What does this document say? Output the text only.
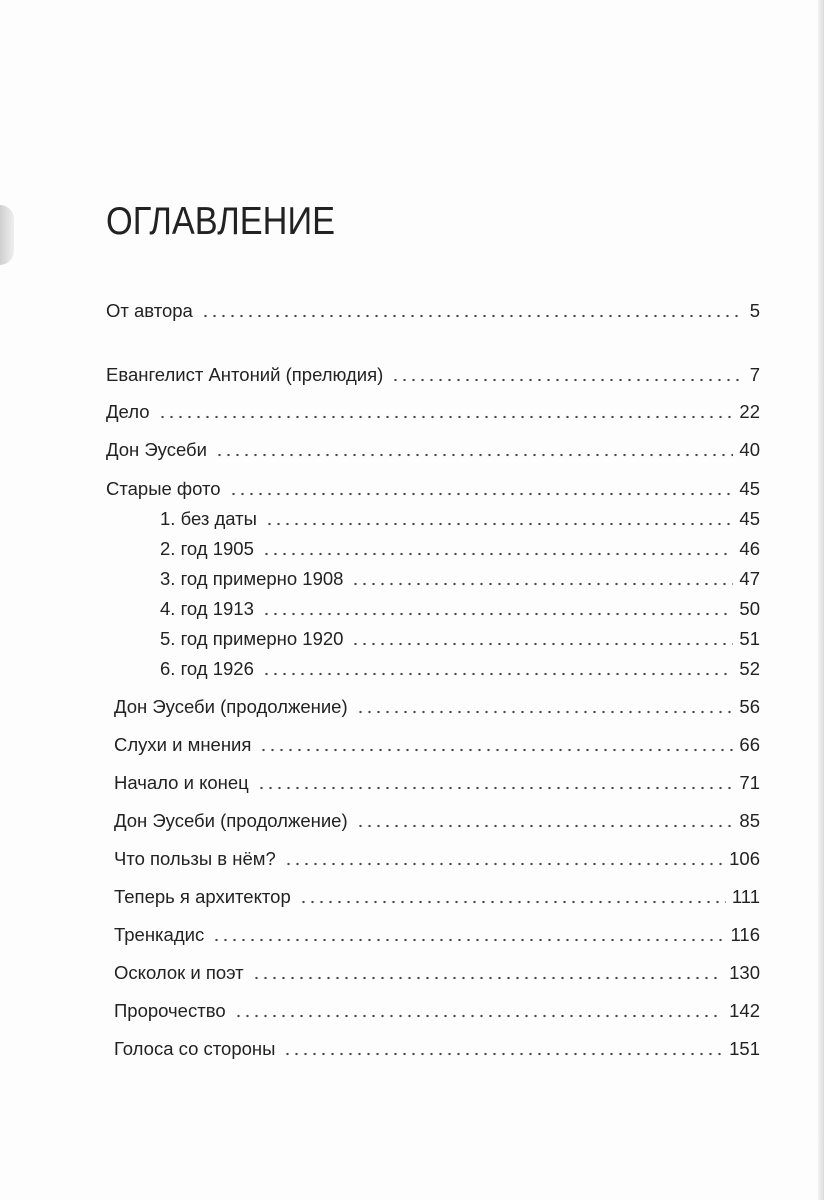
ОГЛАВЛЕНИЕ
От автора	5
Евангелист Антоний (прелюдия)	7
Дело	22
Дон Эусеби	40
Старые фото	45
1. без даты	45
2. год 1905	46
3. год примерно 1908	47
4. год 1913	50
5. год примерно 1920	51
6. год 1926	52
Дон Эусеби (продолжение)	56
Слухи и мнения	66
Начало и конец	71
Дон Эусеби (продолжение)	85
Что пользы в нём?	106
Теперь я архитектор	111
Тренкадис	116
Осколок и поэт	130
Пророчество	142
Голоса со стороны	151
